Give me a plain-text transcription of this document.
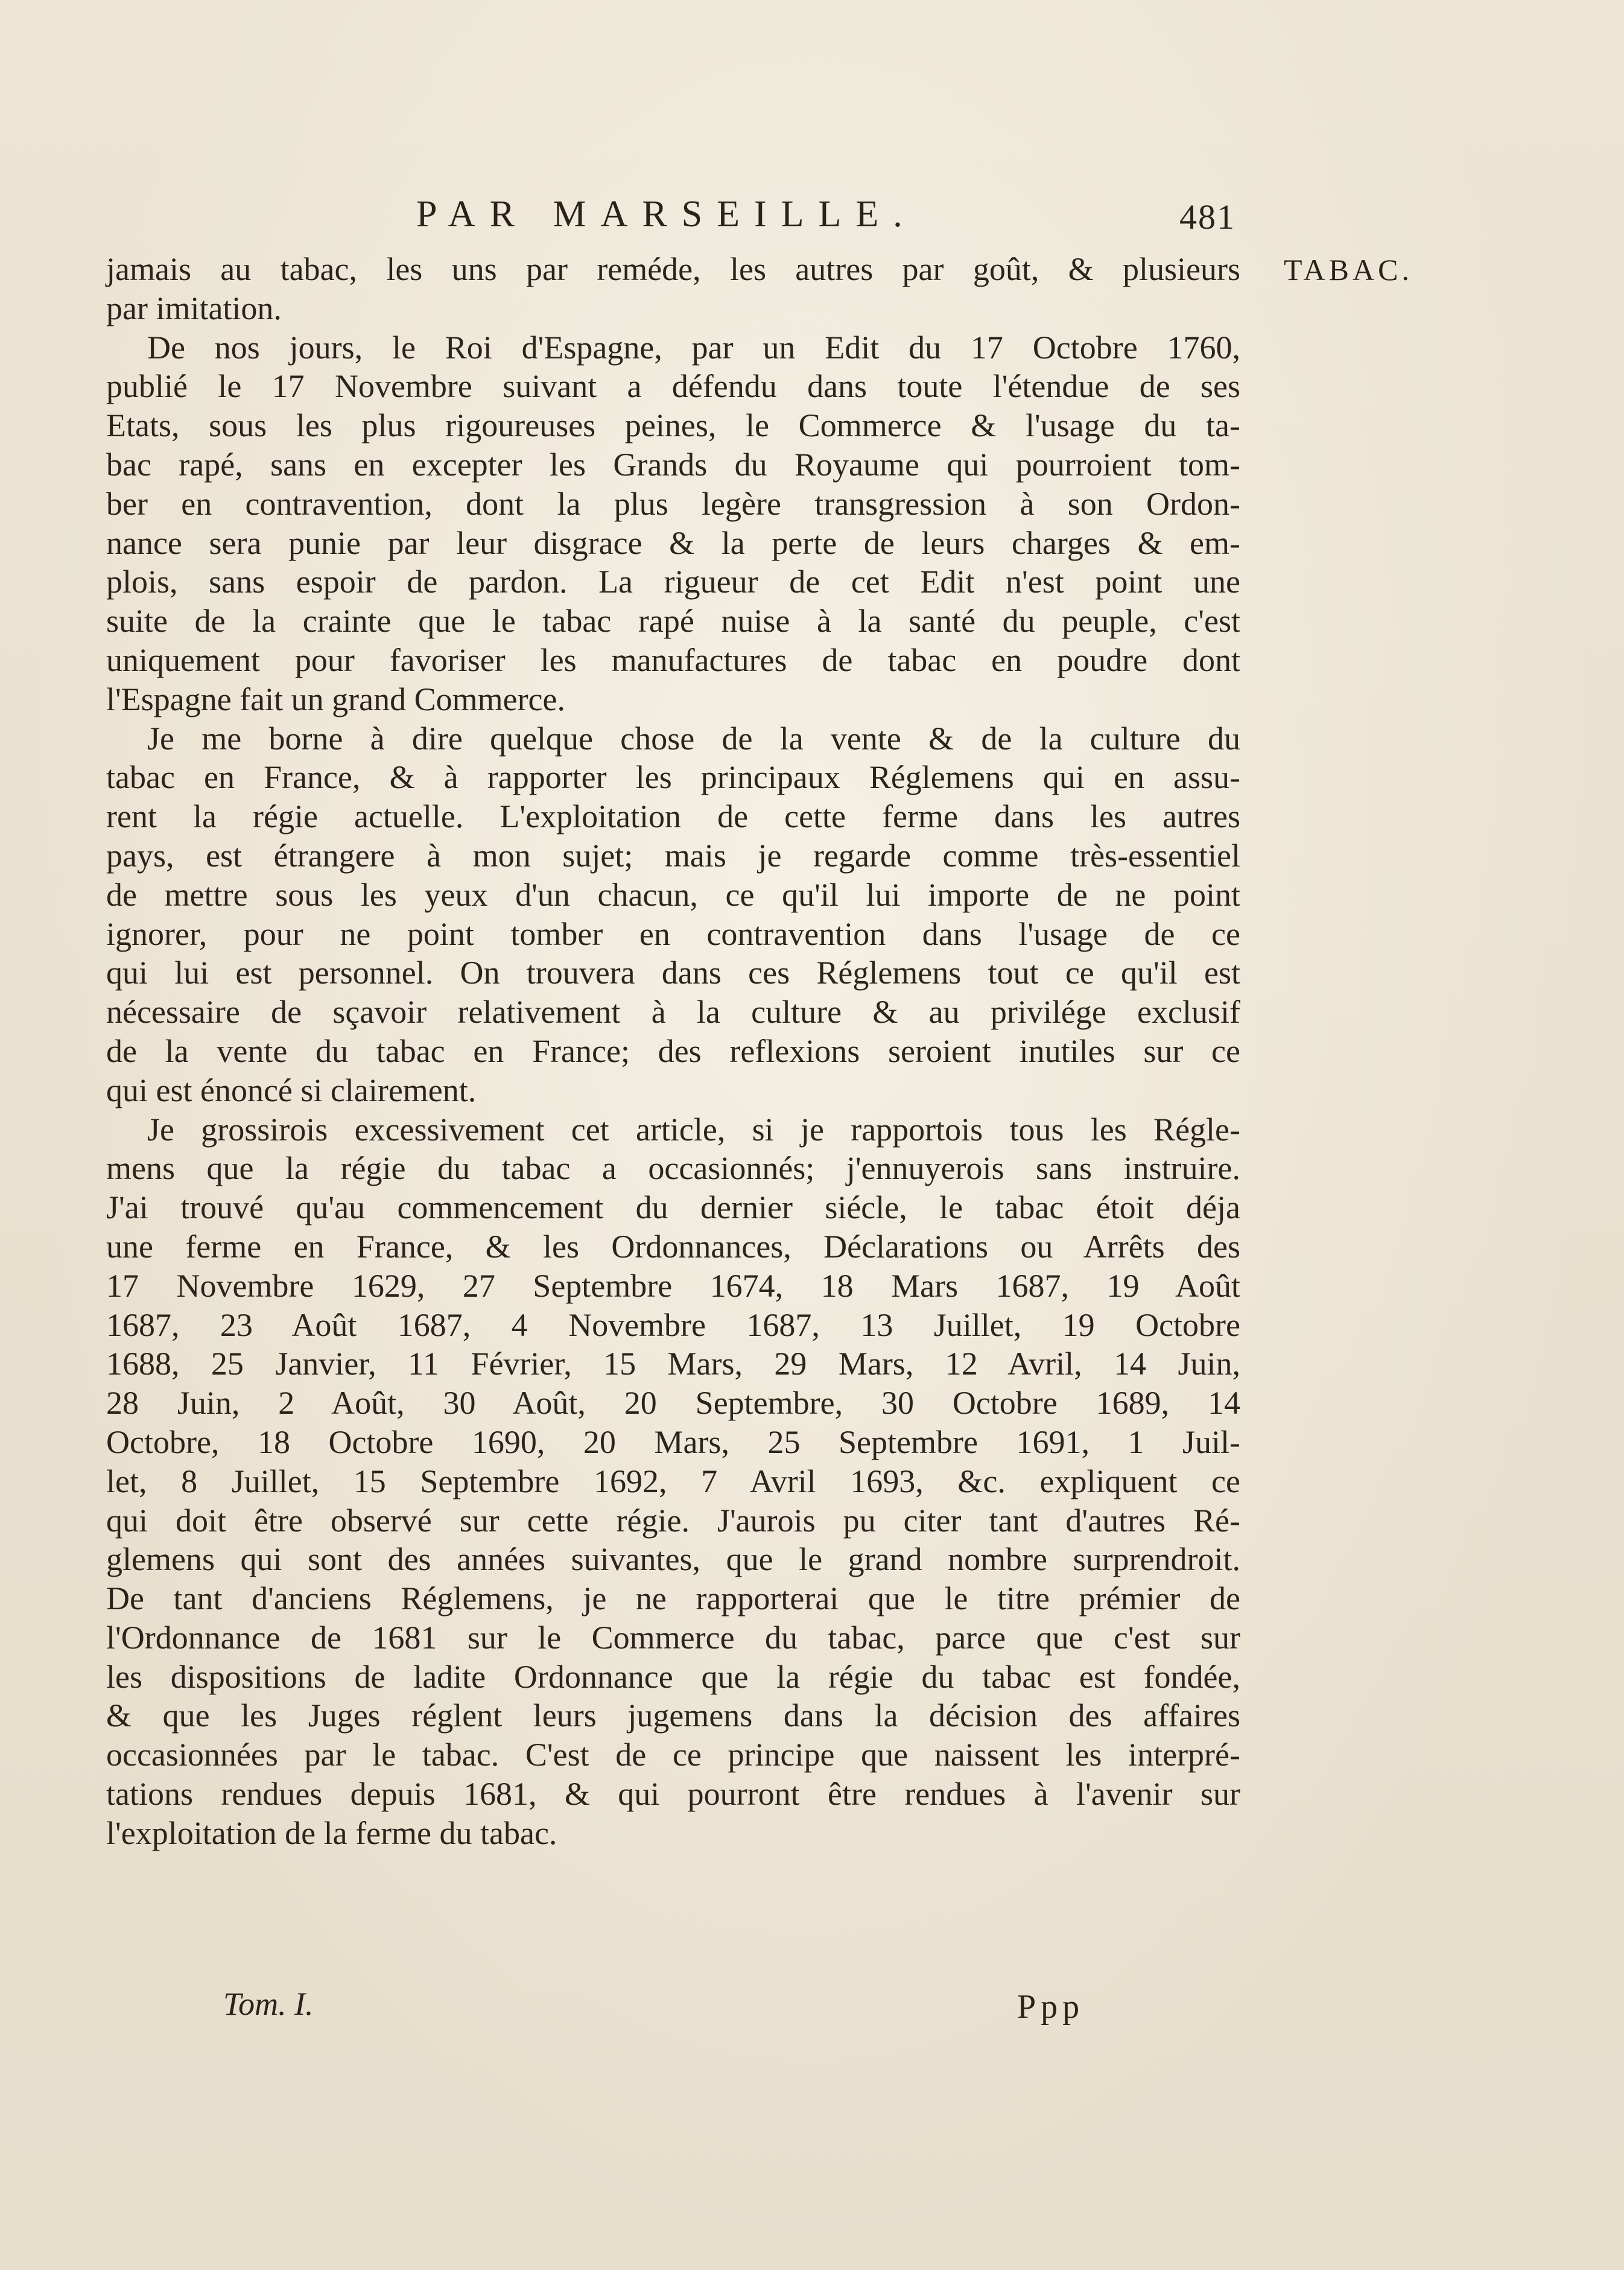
PAR MARSEILLE.	481
TABAC.
jamais au tabac, les uns par reméde, les autres par goût, & plusieurs
par imitation.
De nos jours, le Roi d'Espagne, par un Edit du 17 Octobre 1760,
publié le 17 Novembre suivant a défendu dans toute l'étendue de ses
Etats, sous les plus rigoureuses peines, le Commerce & l'usage du ta-
bac rapé, sans en excepter les Grands du Royaume qui pourroient tom-
ber en contravention, dont la plus legère transgression à son Ordon-
nance sera punie par leur disgrace & la perte de leurs charges & em-
plois, sans espoir de pardon. La rigueur de cet Edit n'est point une
suite de la crainte que le tabac rapé nuise à la santé du peuple, c'est
uniquement pour favoriser les manufactures de tabac en poudre dont
l'Espagne fait un grand Commerce.
Je me borne à dire quelque chose de la vente & de la culture du
tabac en France, & à rapporter les principaux Réglemens qui en assu-
rent la régie actuelle. L'exploitation de cette ferme dans les autres
pays, est étrangere à mon sujet; mais je regarde comme très-essentiel
de mettre sous les yeux d'un chacun, ce qu'il lui importe de ne point
ignorer, pour ne point tomber en contravention dans l'usage de ce
qui lui est personnel. On trouvera dans ces Réglemens tout ce qu'il est
nécessaire de sçavoir relativement à la culture & au privilége exclusif
de la vente du tabac en France; des reflexions seroient inutiles sur ce
qui est énoncé si clairement.
Je grossirois excessivement cet article, si je rapportois tous les Régle-
mens que la régie du tabac a occasionnés; j'ennuyerois sans instruire.
J'ai trouvé qu'au commencement du dernier siécle, le tabac étoit déja
une ferme en France, & les Ordonnances, Déclarations ou Arrêts des
17 Novembre 1629, 27 Septembre 1674, 18 Mars 1687, 19 Août
1687, 23 Août 1687, 4 Novembre 1687, 13 Juillet, 19 Octobre
1688, 25 Janvier, 11 Février, 15 Mars, 29 Mars, 12 Avril, 14 Juin,
28 Juin, 2 Août, 30 Août, 20 Septembre, 30 Octobre 1689, 14
Octobre, 18 Octobre 1690, 20 Mars, 25 Septembre 1691, 1 Juil-
let, 8 Juillet, 15 Septembre 1692, 7 Avril 1693, &c. expliquent ce
qui doit être observé sur cette régie. J'aurois pu citer tant d'autres Ré-
glemens qui sont des années suivantes, que le grand nombre surprendroit.
De tant d'anciens Réglemens, je ne rapporterai que le titre prémier de
l'Ordonnance de 1681 sur le Commerce du tabac, parce que c'est sur
les dispositions de ladite Ordonnance que la régie du tabac est fondée,
& que les Juges réglent leurs jugemens dans la décision des affaires
occasionnées par le tabac. C'est de ce principe que naissent les interpré-
tations rendues depuis 1681, & qui pourront être rendues à l'avenir sur
l'exploitation de la ferme du tabac.
Tom. I.	Ppp
